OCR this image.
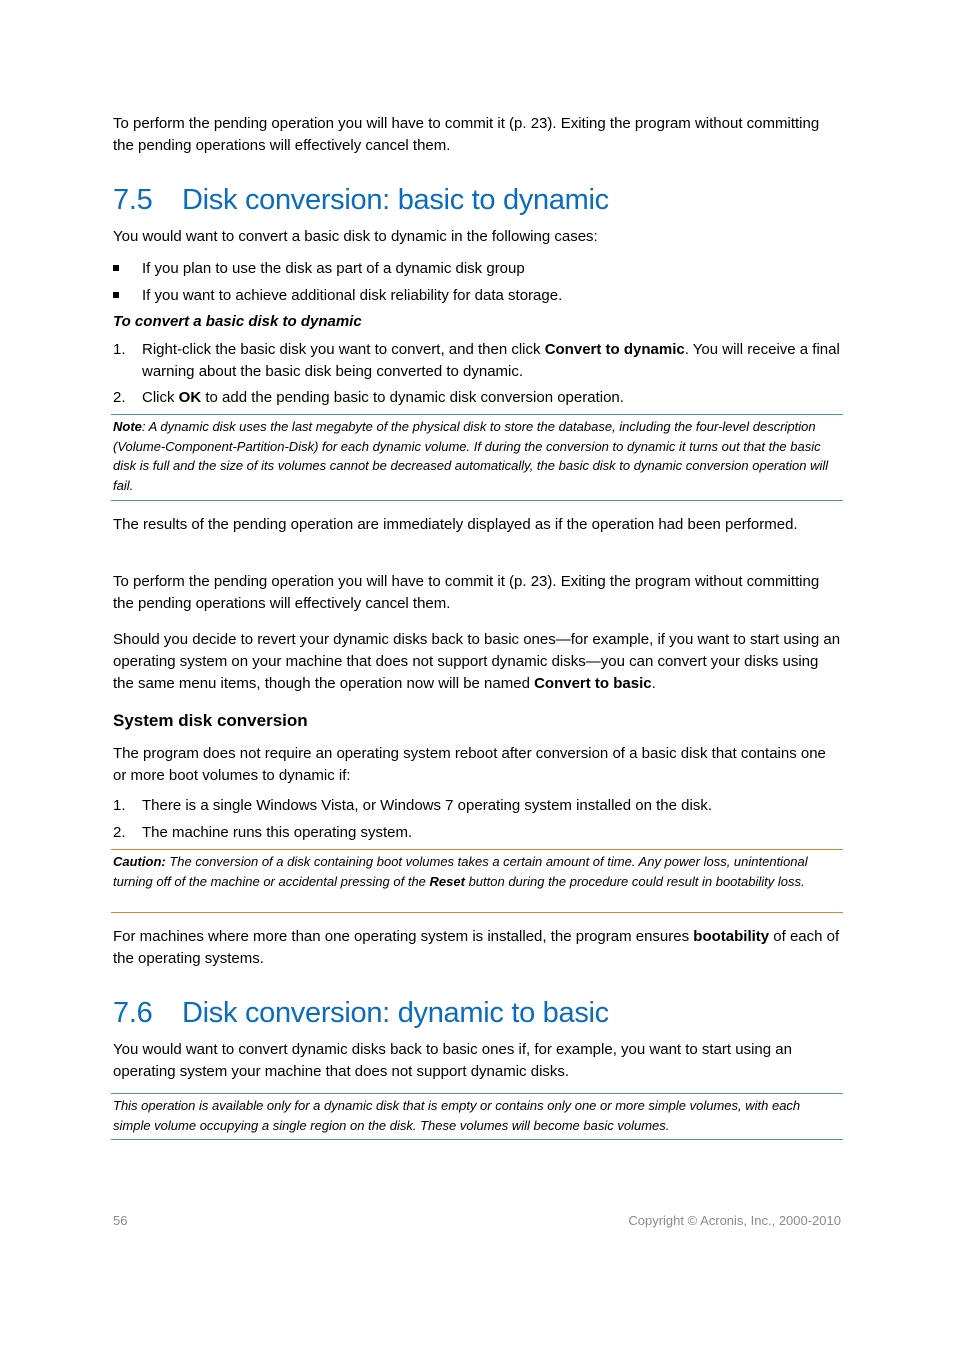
To perform the pending operation you will have to commit it (p. 23). Exiting the program without committing the pending operations will effectively cancel them.

7.5 Disk conversion: basic to dynamic

You would want to convert a basic disk to dynamic in the following cases:

If you plan to use the disk as part of a dynamic disk group
If you want to achieve additional disk reliability for data storage.
To convert a basic disk to dynamic
1. Right-click the basic disk you want to convert, and then click Convert to dynamic. You will receive a final warning about the basic disk being converted to dynamic.
2. Click OK to add the pending basic to dynamic disk conversion operation.
Note: A dynamic disk uses the last megabyte of the physical disk to store the database, including the four-level description (Volume-Component-Partition-Disk) for each dynamic volume. If during the conversion to dynamic it turns out that the basic disk is full and the size of its volumes cannot be decreased automatically, the basic disk to dynamic conversion operation will fail.

The results of the pending operation are immediately displayed as if the operation had been performed.

To perform the pending operation you will have to commit it (p. 23). Exiting the program without committing the pending operations will effectively cancel them.

Should you decide to revert your dynamic disks back to basic ones—for example, if you want to start using an operating system on your machine that does not support dynamic disks—you can convert your disks using the same menu items, though the operation now will be named Convert to basic.

System disk conversion

The program does not require an operating system reboot after conversion of a basic disk that contains one or more boot volumes to dynamic if:

1. There is a single Windows Vista, or Windows 7 operating system installed on the disk.
2. The machine runs this operating system.
Caution: The conversion of a disk containing boot volumes takes a certain amount of time. Any power loss, unintentional turning off of the machine or accidental pressing of the Reset button during the procedure could result in bootability loss.

For machines where more than one operating system is installed, the program ensures bootability of each of the operating systems.

7.6 Disk conversion: dynamic to basic

You would want to convert dynamic disks back to basic ones if, for example, you want to start using an operating system your machine that does not support dynamic disks.

This operation is available only for a dynamic disk that is empty or contains only one or more simple volumes, with each simple volume occupying a single region on the disk. These volumes will become basic volumes.
56	Copyright © Acronis, Inc., 2000-2010
